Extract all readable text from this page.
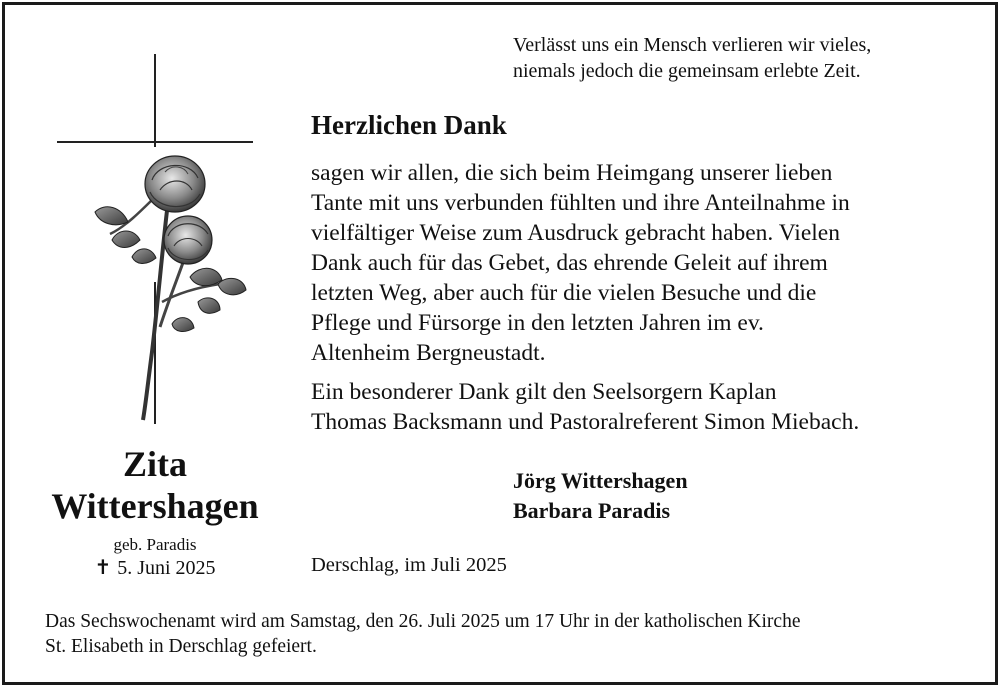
Verlässt uns ein Mensch verlieren wir vieles,
niemals jedoch die gemeinsam erlebte Zeit.
Herzlichen Dank
sagen wir allen, die sich beim Heimgang unserer lieben
Tante mit uns verbunden fühlten und ihre Anteilnahme in
vielfältiger Weise zum Ausdruck gebracht haben. Vielen
Dank auch für das Gebet, das ehrende Geleit auf ihrem
letzten Weg, aber auch für die vielen Besuche und die
Pflege und Fürsorge in den letzten Jahren im ev.
Altenheim Bergneustadt.
Ein besonderer Dank gilt den Seelsorgern Kaplan
Thomas Backsmann und Pastoralreferent Simon Miebach.
Jörg Wittershagen
Barbara Paradis
Derschlag, im Juli 2025
Zita
Wittershagen
geb. Paradis
✝ 5. Juni 2025
Das Sechswochenamt wird am Samstag, den 26. Juli 2025 um 17 Uhr in der katholischen Kirche
St. Elisabeth in Derschlag gefeiert.
